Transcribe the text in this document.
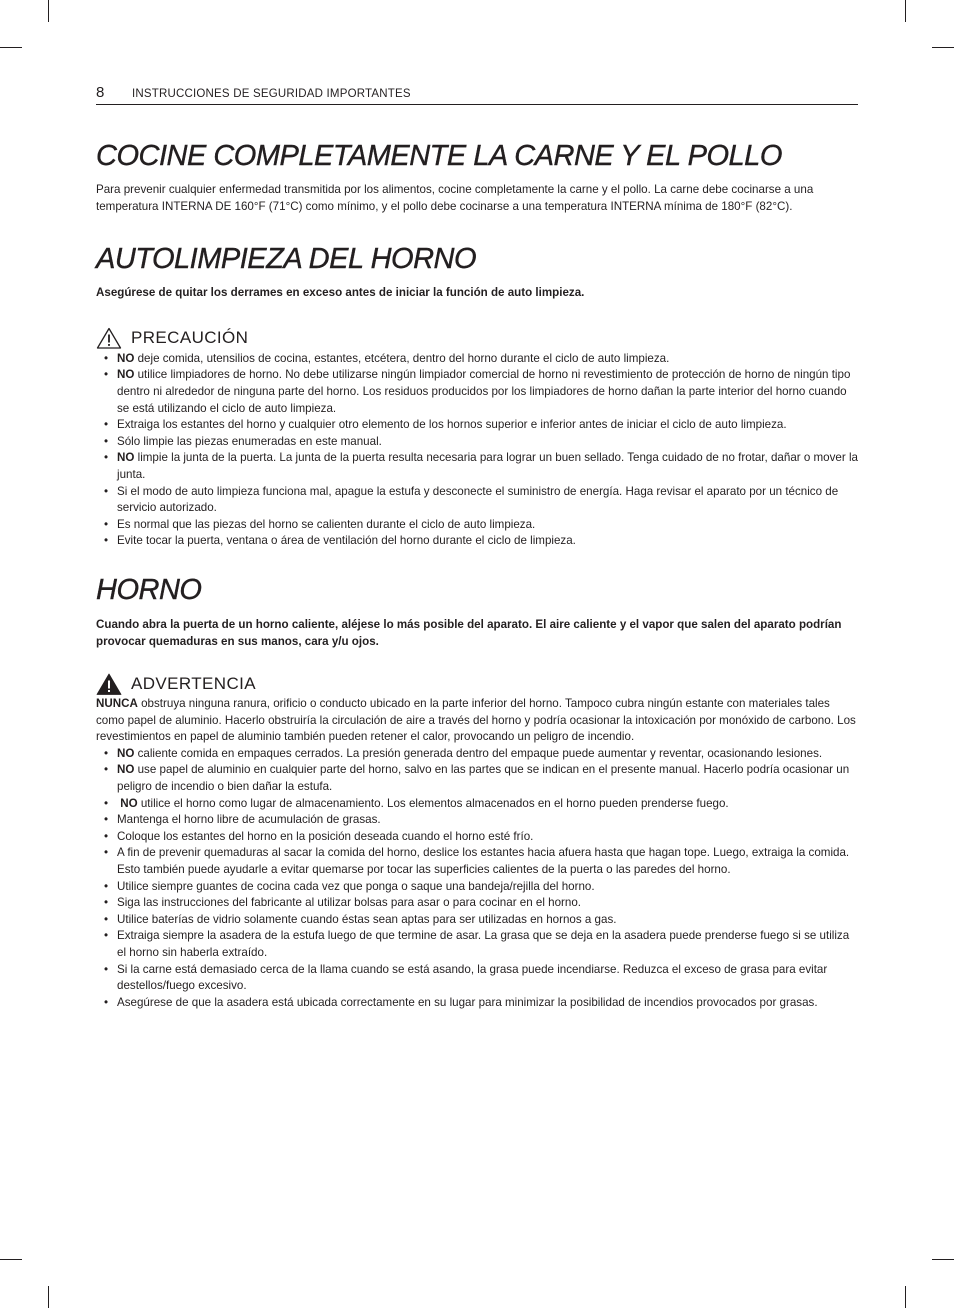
8 INSTRUCCIONES DE SEGURIDAD IMPORTANTES
COCINE COMPLETAMENTE LA CARNE Y EL POLLO

Para prevenir cualquier enfermedad transmitida por los alimentos, cocine completamente la carne y el pollo. La carne debe cocinarse a una temperatura INTERNA DE 160°F (71°C) como mínimo, y el pollo debe cocinarse a una temperatura INTERNA mínima de 180°F (82°C).

AUTOLIMPIEZA DEL HORNO

Asegúrese de quitar los derrames en exceso antes de iniciar la función de auto limpieza.

PRECAUCIÓN
• NO deje comida, utensilios de cocina, estantes, etcétera, dentro del horno durante el ciclo de auto limpieza.
• NO utilice limpiadores de horno. No debe utilizarse ningún limpiador comercial de horno ni revestimiento de protección de horno de ningún tipo dentro ni alrededor de ninguna parte del horno. Los residuos producidos por los limpiadores de horno dañan la parte interior del horno cuando se está utilizando el ciclo de auto limpieza.
• Extraiga los estantes del horno y cualquier otro elemento de los hornos superior e inferior antes de iniciar el ciclo de auto limpieza.
• Sólo limpie las piezas enumeradas en este manual.
• NO limpie la junta de la puerta. La junta de la puerta resulta necesaria para lograr un buen sellado. Tenga cuidado de no frotar, dañar o mover la junta.
• Si el modo de auto limpieza funciona mal, apague la estufa y desconecte el suministro de energía. Haga revisar el aparato por un técnico de servicio autorizado.
• Es normal que las piezas del horno se calienten durante el ciclo de auto limpieza.
• Evite tocar la puerta, ventana o área de ventilación del horno durante el ciclo de limpieza.
HORNO

Cuando abra la puerta de un horno caliente, aléjese lo más posible del aparato. El aire caliente y el vapor que salen del aparato podrían provocar quemaduras en sus manos, cara y/u ojos.

ADVERTENCIA

NUNCA obstruya ninguna ranura, orificio o conducto ubicado en la parte inferior del horno. Tampoco cubra ningún estante con materiales tales como papel de aluminio. Hacerlo obstruiría la circulación de aire a través del horno y podría ocasionar la intoxicación por monóxido de carbono. Los revestimientos en papel de aluminio también pueden retener el calor, provocando un peligro de incendio.

• NO caliente comida en empaques cerrados. La presión generada dentro del empaque puede aumentar y reventar, ocasionando lesiones.
• NO use papel de aluminio en cualquier parte del horno, salvo en las partes que se indican en el presente manual. Hacerlo podría ocasionar un peligro de incendio o bien dañar la estufa.
•  NO utilice el horno como lugar de almacenamiento. Los elementos almacenados en el horno pueden prenderse fuego.
• Mantenga el horno libre de acumulación de grasas.
• Coloque los estantes del horno en la posición deseada cuando el horno esté frío.
• A fin de prevenir quemaduras al sacar la comida del horno, deslice los estantes hacia afuera hasta que hagan tope. Luego, extraiga la comida. Esto también puede ayudarle a evitar quemarse por tocar las superficies calientes de la puerta o las paredes del horno.
• Utilice siempre guantes de cocina cada vez que ponga o saque una bandeja/rejilla del horno.
• Siga las instrucciones del fabricante al utilizar bolsas para asar o para cocinar en el horno.
• Utilice baterías de vidrio solamente cuando éstas sean aptas para ser utilizadas en hornos a gas.
• Extraiga siempre la asadera de la estufa luego de que termine de asar. La grasa que se deja en la asadera puede prenderse fuego si se utiliza el horno sin haberla extraído.
• Si la carne está demasiado cerca de la llama cuando se está asando, la grasa puede incendiarse. Reduzca el exceso de grasa para evitar destellos/fuego excesivo.
• Asegúrese de que la asadera está ubicada correctamente en su lugar para minimizar la posibilidad de incendios provocados por grasas.
